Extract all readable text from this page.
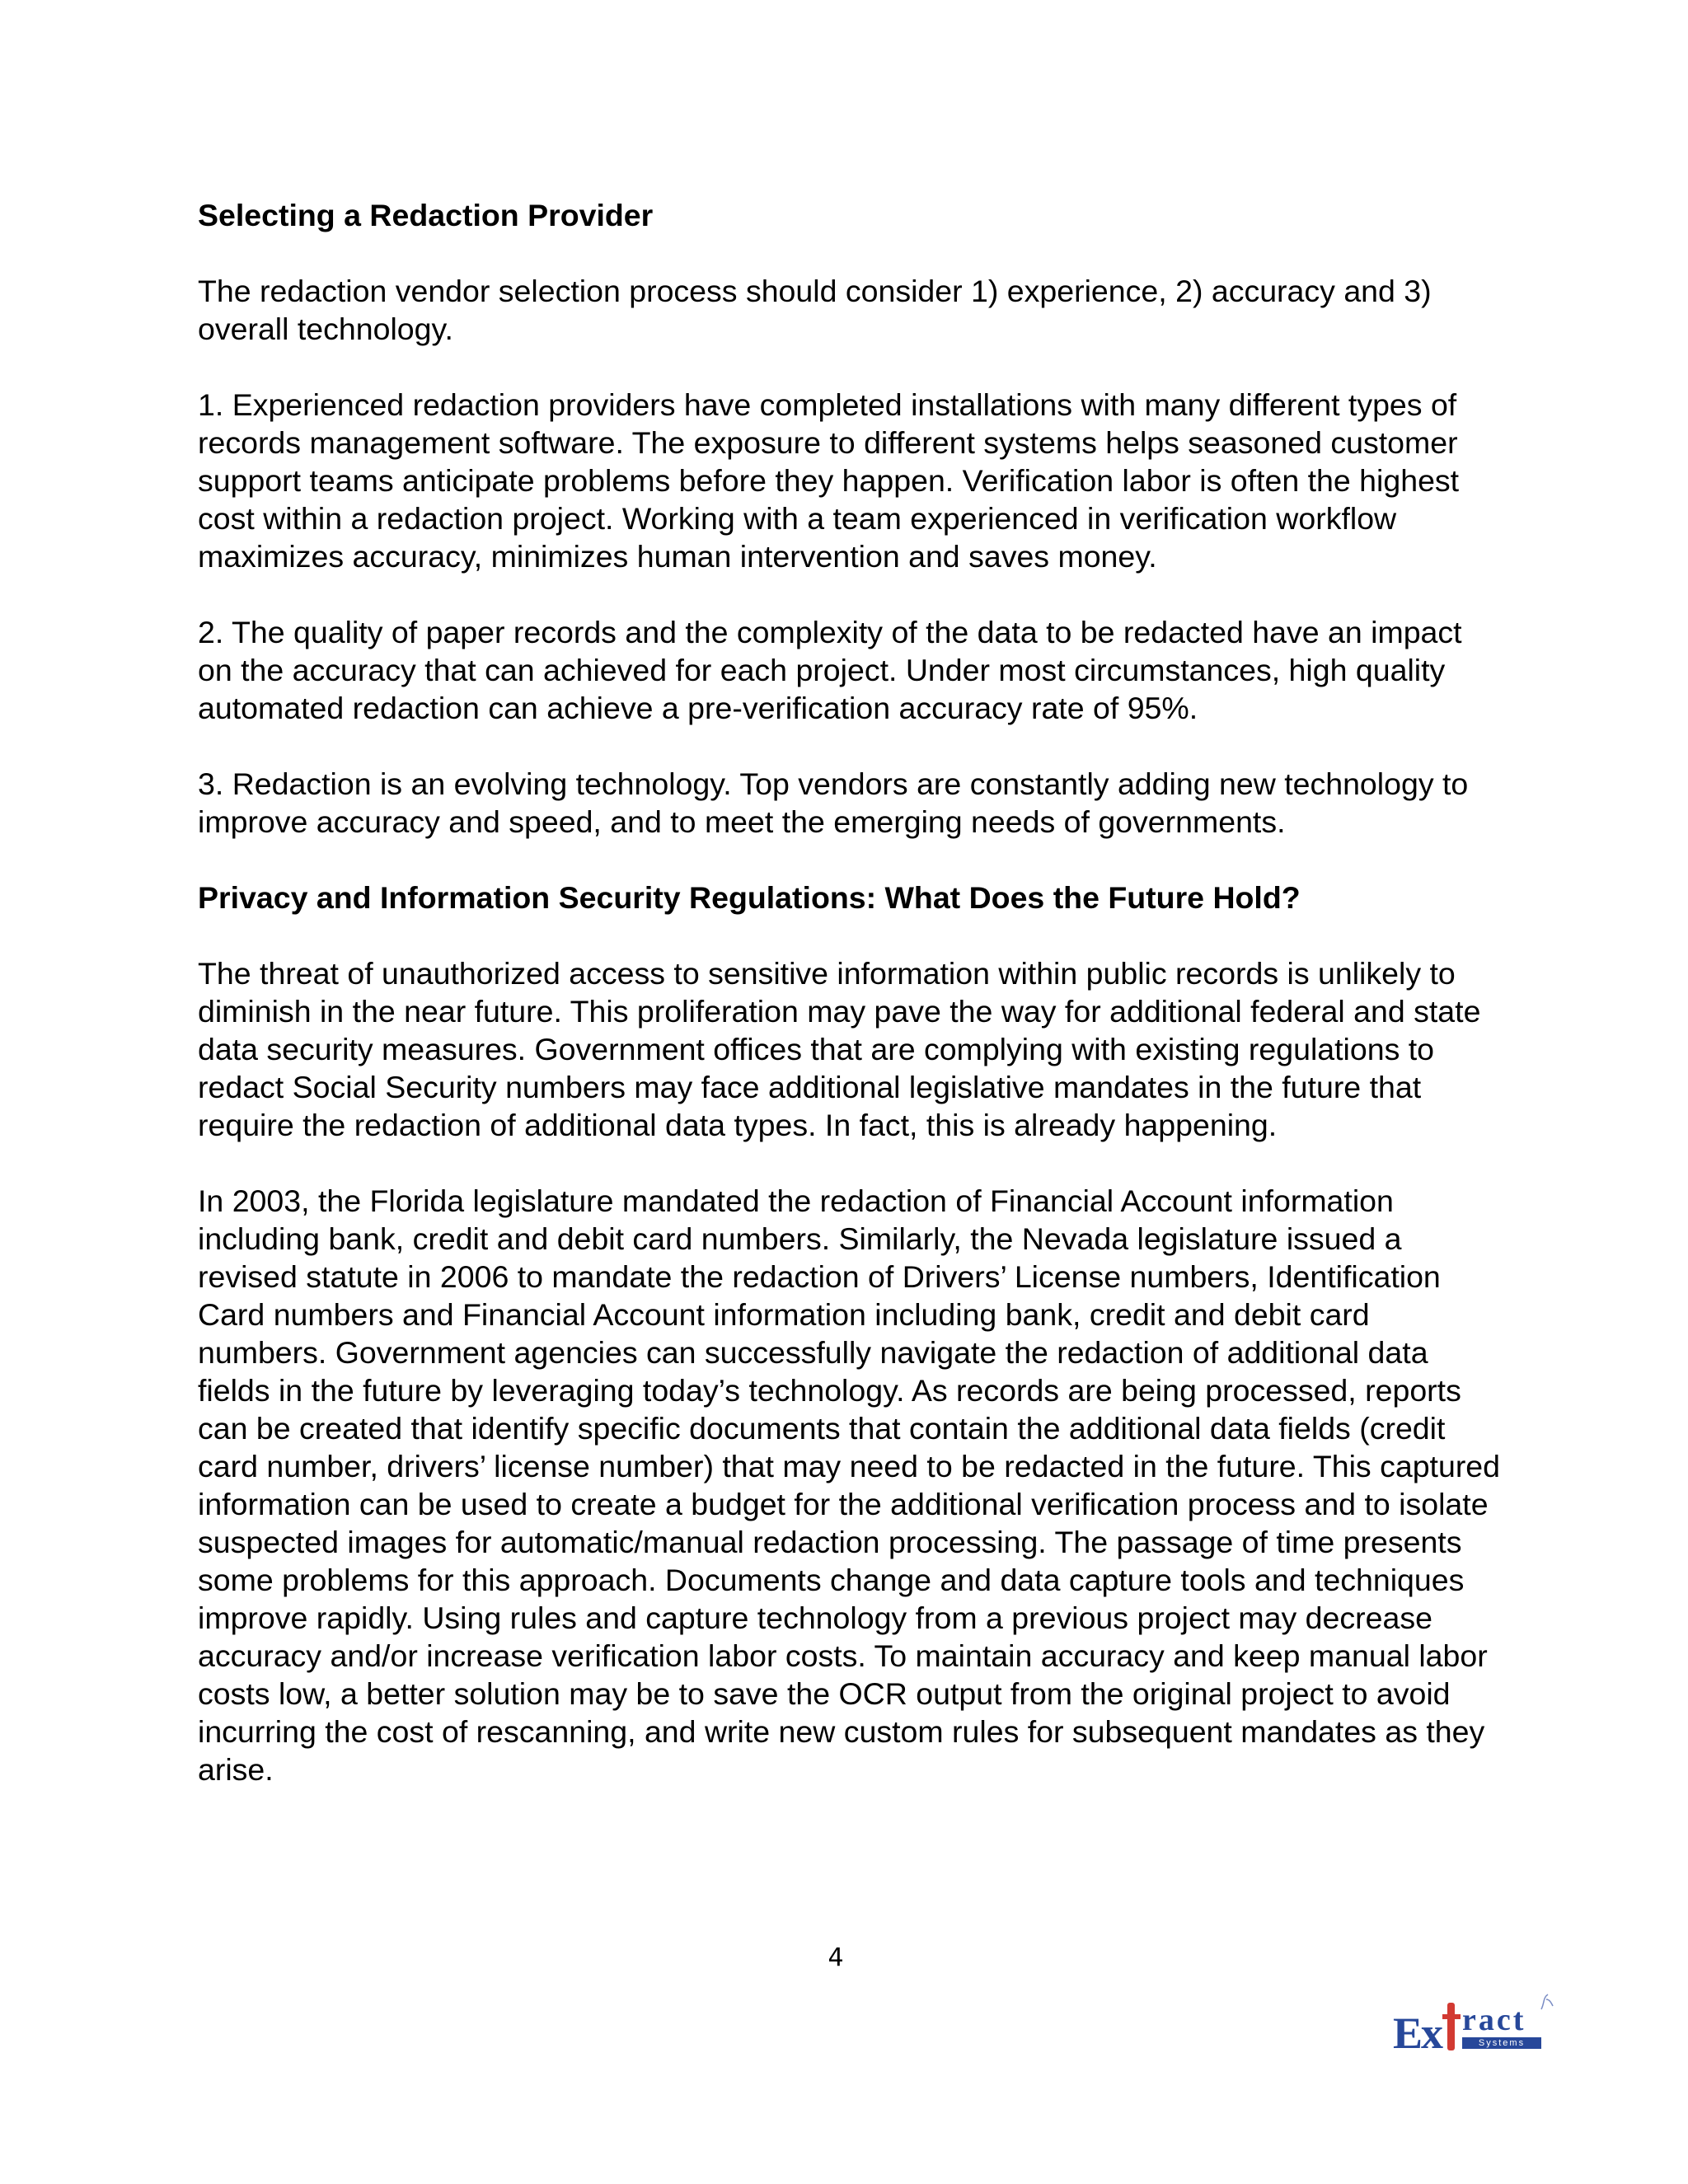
Selecting a Redaction Provider
The redaction vendor selection process should consider 1) experience, 2) accuracy and 3) overall technology.
1. Experienced redaction providers have completed installations with many different types of records management software. The exposure to different systems helps seasoned customer support teams anticipate problems before they happen. Verification labor is often the highest cost within a redaction project. Working with a team experienced in verification workflow maximizes accuracy, minimizes human intervention and saves money.
2. The quality of paper records and the complexity of the data to be redacted have an impact on the accuracy that can achieved for each project. Under most circumstances, high quality automated redaction can achieve a pre-verification accuracy rate of 95%.
3. Redaction is an evolving technology. Top vendors are constantly adding new technology to improve accuracy and speed, and to meet the emerging needs of governments.
Privacy and Information Security Regulations: What Does the Future Hold?
The threat of unauthorized access to sensitive information within public records is unlikely to diminish in the near future. This proliferation may pave the way for additional federal and state data security measures. Government offices that are complying with existing regulations to redact Social Security numbers may face additional legislative mandates in the future that require the redaction of additional data types. In fact, this is already happening.
In 2003, the Florida legislature mandated the redaction of Financial Account information including bank, credit and debit card numbers. Similarly, the Nevada legislature issued a revised statute in 2006 to mandate the redaction of Drivers’ License numbers, Identification Card numbers and Financial Account information including bank, credit and debit card numbers. Government agencies can successfully navigate the redaction of additional data fields in the future by leveraging today’s technology. As records are being processed, reports can be created that identify specific documents that contain the additional data fields (credit card number, drivers’ license number) that may need to be redacted in the future. This captured information can be used to create a budget for the additional verification process and to isolate suspected images for automatic/manual redaction processing. The passage of time presents some problems for this approach. Documents change and data capture tools and techniques improve rapidly. Using rules and capture technology from a previous project may decrease accuracy and/or increase verification labor costs. To maintain accuracy and keep manual labor costs low, a better solution may be to save the OCR output from the original project to avoid incurring the cost of rescanning, and write new custom rules for subsequent mandates as they arise.
4
Ex ract
Systems
